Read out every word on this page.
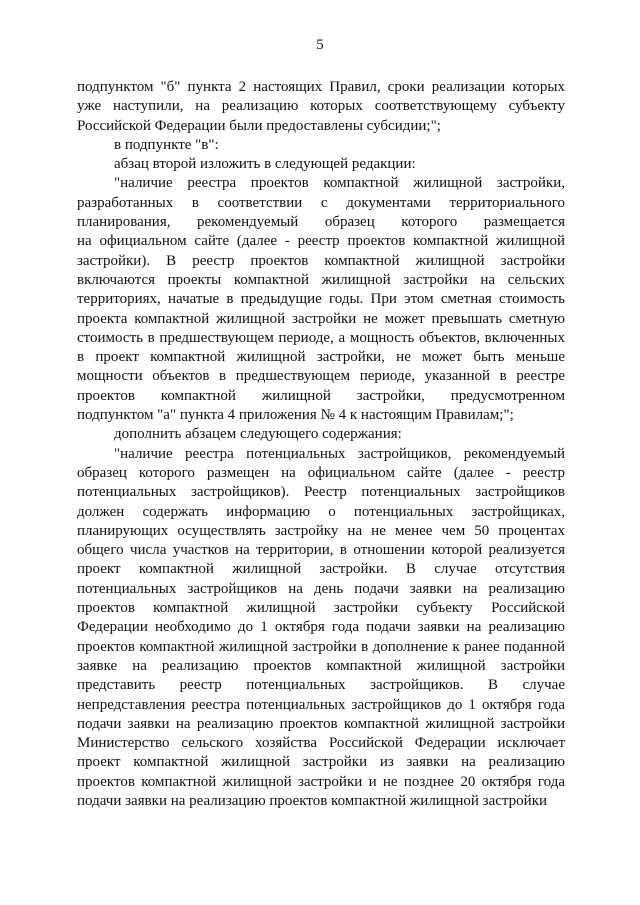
5
подпунктом "б" пункта 2 настоящих Правил, сроки реализации которых
уже наступили, на реализацию которых соответствующему субъекту
Российской Федерации были предоставлены субсидии;";
в подпункте "в":
абзац второй изложить в следующей редакции:
"наличие реестра проектов компактной жилищной застройки,
разработанных в соответствии с документами территориального
планирования, рекомендуемый образец которого размещается
на официальном сайте (далее - реестр проектов компактной жилищной
застройки). В реестр проектов компактной жилищной застройки
включаются проекты компактной жилищной застройки на сельских
территориях, начатые в предыдущие годы. При этом сметная стоимость
проекта компактной жилищной застройки не может превышать сметную
стоимость в предшествующем периоде, а мощность объектов, включенных
в проект компактной жилищной застройки, не может быть меньше
мощности объектов в предшествующем периоде, указанной в реестре
проектов компактной жилищной застройки, предусмотренном
подпунктом "а" пункта 4 приложения № 4 к настоящим Правилам;";
дополнить абзацем следующего содержания:
"наличие реестра потенциальных застройщиков, рекомендуемый
образец которого размещен на официальном сайте (далее - реестр
потенциальных застройщиков). Реестр потенциальных застройщиков
должен содержать информацию о потенциальных застройщиках,
планирующих осуществлять застройку на не менее чем 50 процентах
общего числа участков на территории, в отношении которой реализуется
проект компактной жилищной застройки. В случае отсутствия
потенциальных застройщиков на день подачи заявки на реализацию
проектов компактной жилищной застройки субъекту Российской
Федерации необходимо до 1 октября года подачи заявки на реализацию
проектов компактной жилищной застройки в дополнение к ранее поданной
заявке на реализацию проектов компактной жилищной застройки
представить реестр потенциальных застройщиков. В случае
непредставления реестра потенциальных застройщиков до 1 октября года
подачи заявки на реализацию проектов компактной жилищной застройки
Министерство сельского хозяйства Российской Федерации исключает
проект компактной жилищной застройки из заявки на реализацию
проектов компактной жилищной застройки и не позднее 20 октября года
подачи заявки на реализацию проектов компактной жилищной застройки
